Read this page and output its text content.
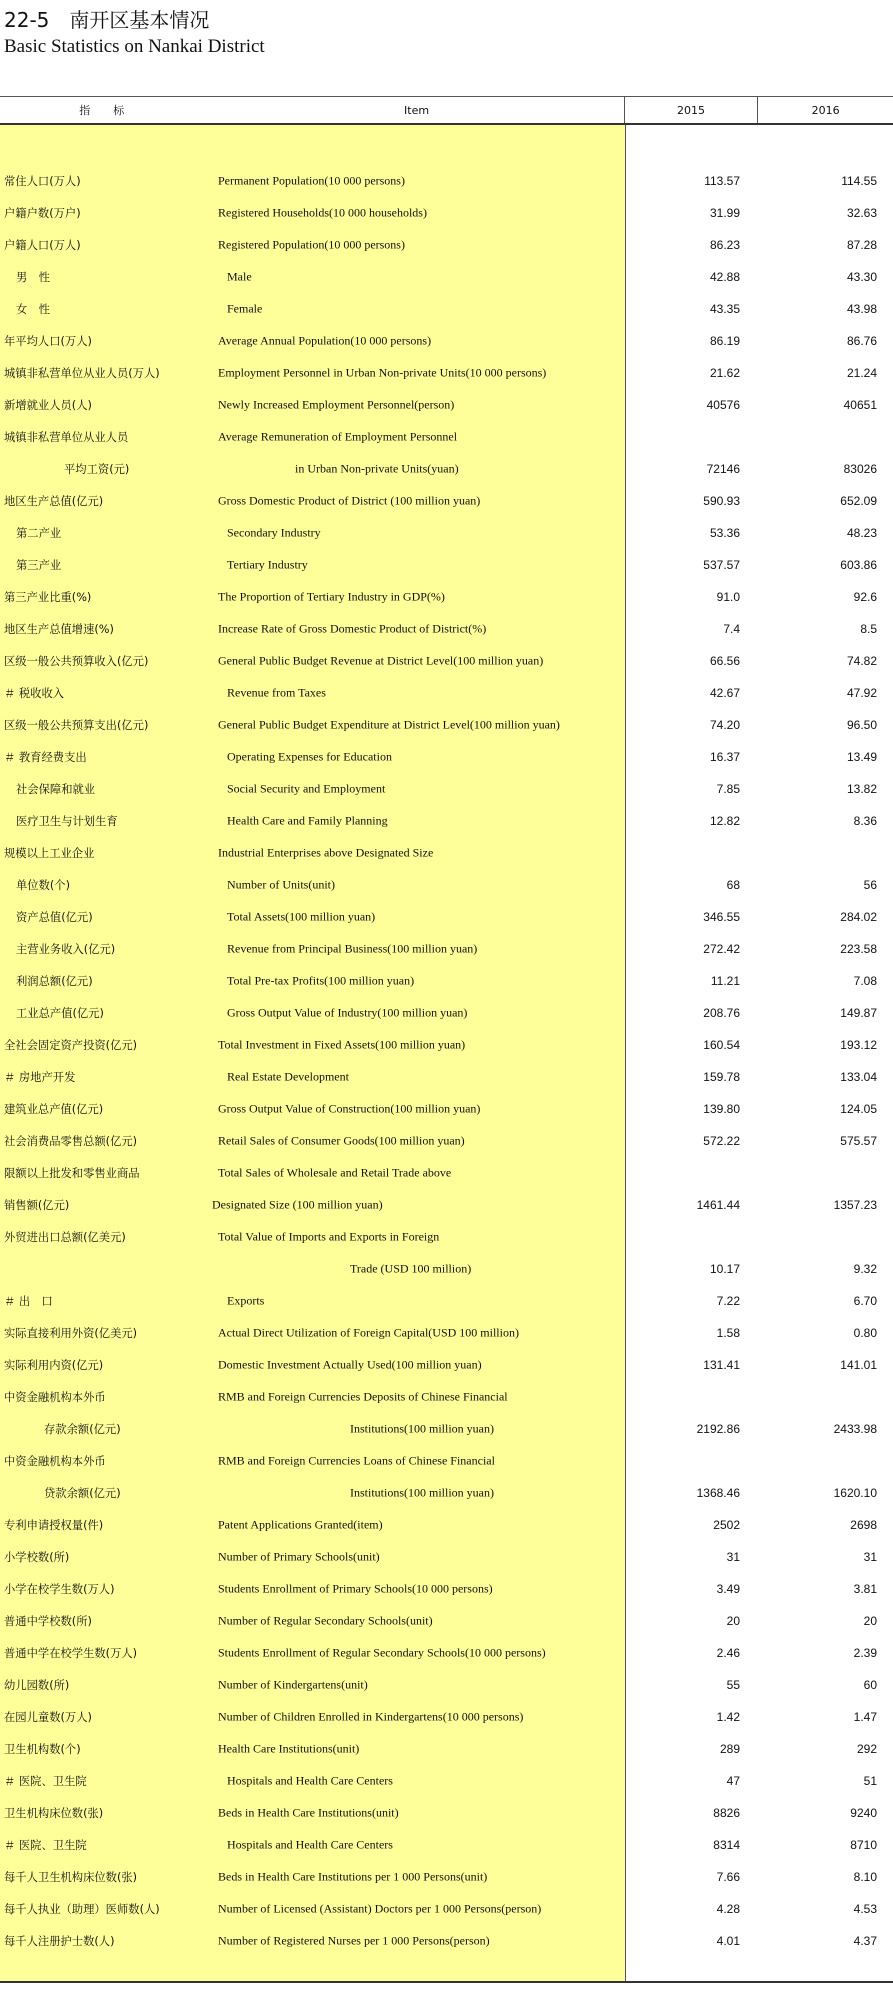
22-5　南开区基本情况
Basic Statistics on Nankai District
指　标	Item	2015	2016
常住人口(万人)	Permanent Population(10 000 persons)	113.57	114.55
户籍户数(万户)	Registered Households(10 000 households)	31.99	32.63
户籍人口(万人)	Registered Population(10 000 persons)	86.23	87.28
男　性	Male	42.88	43.30
女　性	Female	43.35	43.98
年平均人口(万人)	Average Annual Population(10 000 persons)	86.19	86.76
城镇非私营单位从业人员(万人)	Employment Personnel in Urban Non-private Units(10 000 persons)	21.62	21.24
新增就业人员(人)	Newly Increased Employment Personnel(person)	40576	40651
城镇非私营单位从业人员	Average Remuneration of Employment Personnel
平均工资(元)	in Urban Non-private Units(yuan)	72146	83026
地区生产总值(亿元)	Gross Domestic Product of District (100 million yuan)	590.93	652.09
第二产业	Secondary Industry	53.36	48.23
第三产业	Tertiary Industry	537.57	603.86
第三产业比重(%)	The Proportion of Tertiary Industry in GDP(%)	91.0	92.6
地区生产总值增速(%)	Increase Rate of Gross Domestic Product of District(%)	7.4	8.5
区级一般公共预算收入(亿元)	General Public Budget Revenue at District Level(100 million yuan)	66.56	74.82
＃ 税收收入	Revenue from Taxes	42.67	47.92
区级一般公共预算支出(亿元)	General Public Budget Expenditure at District Level(100 million yuan)	74.20	96.50
＃ 教育经费支出	Operating Expenses for Education	16.37	13.49
社会保障和就业	Social Security and Employment	7.85	13.82
医疗卫生与计划生育	Health Care and Family Planning	12.82	8.36
规模以上工业企业	Industrial Enterprises above Designated Size
单位数(个)	Number of Units(unit)	68	56
资产总值(亿元)	Total Assets(100 million yuan)	346.55	284.02
主营业务收入(亿元)	Revenue from Principal Business(100 million yuan)	272.42	223.58
利润总额(亿元)	Total Pre-tax Profits(100 million yuan)	11.21	7.08
工业总产值(亿元)	Gross Output Value of Industry(100 million yuan)	208.76	149.87
全社会固定资产投资(亿元)	Total Investment in Fixed Assets(100 million yuan)	160.54	193.12
＃ 房地产开发	Real Estate Development	159.78	133.04
建筑业总产值(亿元)	Gross Output Value of Construction(100 million yuan)	139.80	124.05
社会消费品零售总额(亿元)	Retail Sales of Consumer Goods(100 million yuan)	572.22	575.57
限额以上批发和零售业商品	Total Sales of Wholesale and Retail Trade above
销售额(亿元)	Designated Size (100 million yuan)	1461.44	1357.23
外贸进出口总额(亿美元)	Total Value of Imports and Exports in Foreign
Trade (USD 100 million)	10.17	9.32
＃ 出　口	Exports	7.22	6.70
实际直接利用外资(亿美元)	Actual Direct Utilization of Foreign Capital(USD 100 million)	1.58	0.80
实际利用内资(亿元)	Domestic Investment Actually Used(100 million yuan)	131.41	141.01
中资金融机构本外币	RMB and Foreign Currencies Deposits of Chinese Financial
存款余额(亿元)	Institutions(100 million yuan)	2192.86	2433.98
中资金融机构本外币	RMB and Foreign Currencies Loans of Chinese Financial
贷款余额(亿元)	Institutions(100 million yuan)	1368.46	1620.10
专利申请授权量(件)	Patent Applications Granted(item)	2502	2698
小学校数(所)	Number of Primary Schools(unit)	31	31
小学在校学生数(万人)	Students Enrollment of Primary Schools(10 000 persons)	3.49	3.81
普通中学校数(所)	Number of Regular Secondary Schools(unit)	20	20
普通中学在校学生数(万人)	Students Enrollment of Regular Secondary Schools(10 000 persons)	2.46	2.39
幼儿园数(所)	Number of Kindergartens(unit)	55	60
在园儿童数(万人)	Number of Children Enrolled in Kindergartens(10 000 persons)	1.42	1.47
卫生机构数(个)	Health Care Institutions(unit)	289	292
＃ 医院、卫生院	Hospitals and Health Care Centers	47	51
卫生机构床位数(张)	Beds in Health Care Institutions(unit)	8826	9240
＃ 医院、卫生院	Hospitals and Health Care Centers	8314	8710
每千人卫生机构床位数(张)	Beds in Health Care Institutions per 1 000 Persons(unit)	7.66	8.10
每千人执业（助理）医师数(人)	Number of Licensed (Assistant) Doctors per 1 000 Persons(person)	4.28	4.53
每千人注册护士数(人)	Number of Registered Nurses per 1 000 Persons(person)	4.01	4.37
